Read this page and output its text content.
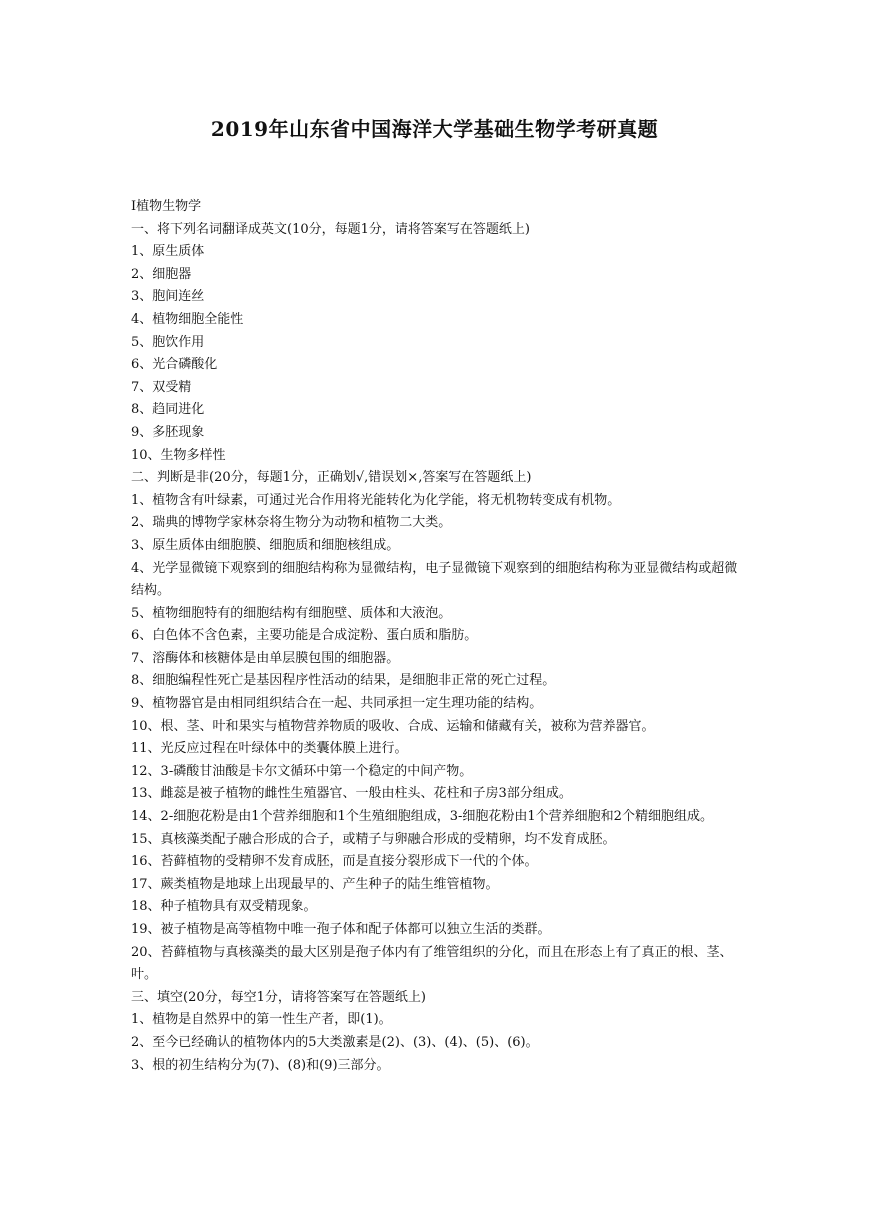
2019年山东省中国海洋大学基础生物学考研真题

I植物生物学

一、将下列名词翻译成英文(10分，每题1分，请将答案写在答题纸上)

1、原生质体

2、细胞器

3、胞间连丝

4、植物细胞全能性

5、胞饮作用

6、光合磷酸化

7、双受精

8、趋同进化

9、多胚现象

10、生物多样性

二、判断是非(20分，每题1分，正确划√,错误划×,答案写在答题纸上)

1、植物含有叶绿素，可通过光合作用将光能转化为化学能，将无机物转变成有机物。

2、瑞典的博物学家林奈将生物分为动物和植物二大类。

3、原生质体由细胞膜、细胞质和细胞核组成。

4、光学显微镜下观察到的细胞结构称为显微结构，电子显微镜下观察到的细胞结构称为亚显微结构或超微结构。

5、植物细胞特有的细胞结构有细胞壁、质体和大液泡。

6、白色体不含色素，主要功能是合成淀粉、蛋白质和脂肪。

7、溶酶体和核糖体是由单层膜包围的细胞器。

8、细胞编程性死亡是基因程序性活动的结果，是细胞非正常的死亡过程。

9、植物器官是由相同组织结合在一起、共同承担一定生理功能的结构。

10、根、茎、叶和果实与植物营养物质的吸收、合成、运输和储藏有关，被称为营养器官。

11、光反应过程在叶绿体中的类囊体膜上进行。

12、3-磷酸甘油酸是卡尔文循环中第一个稳定的中间产物。

13、雌蕊是被子植物的雌性生殖器官、一般由柱头、花柱和子房3部分组成。

14、2-细胞花粉是由1个营养细胞和1个生殖细胞组成，3-细胞花粉由1个营养细胞和2个精细胞组成。

15、真核藻类配子融合形成的合子，或精子与卵融合形成的受精卵，均不发育成胚。

16、苔藓植物的受精卵不发育成胚，而是直接分裂形成下一代的个体。

17、蕨类植物是地球上出现最早的、产生种子的陆生维管植物。

18、种子植物具有双受精现象。

19、被子植物是高等植物中唯一孢子体和配子体都可以独立生活的类群。

20、苔藓植物与真核藻类的最大区别是孢子体内有了维管组织的分化，而且在形态上有了真正的根、茎、叶。

三、填空(20分，每空1分，请将答案写在答题纸上)

1、植物是自然界中的第一性生产者，即(1)。

2、至今已经确认的植物体内的5大类激素是(2)、(3)、(4)、(5)、(6)。

3、根的初生结构分为(7)、(8)和(9)三部分。
